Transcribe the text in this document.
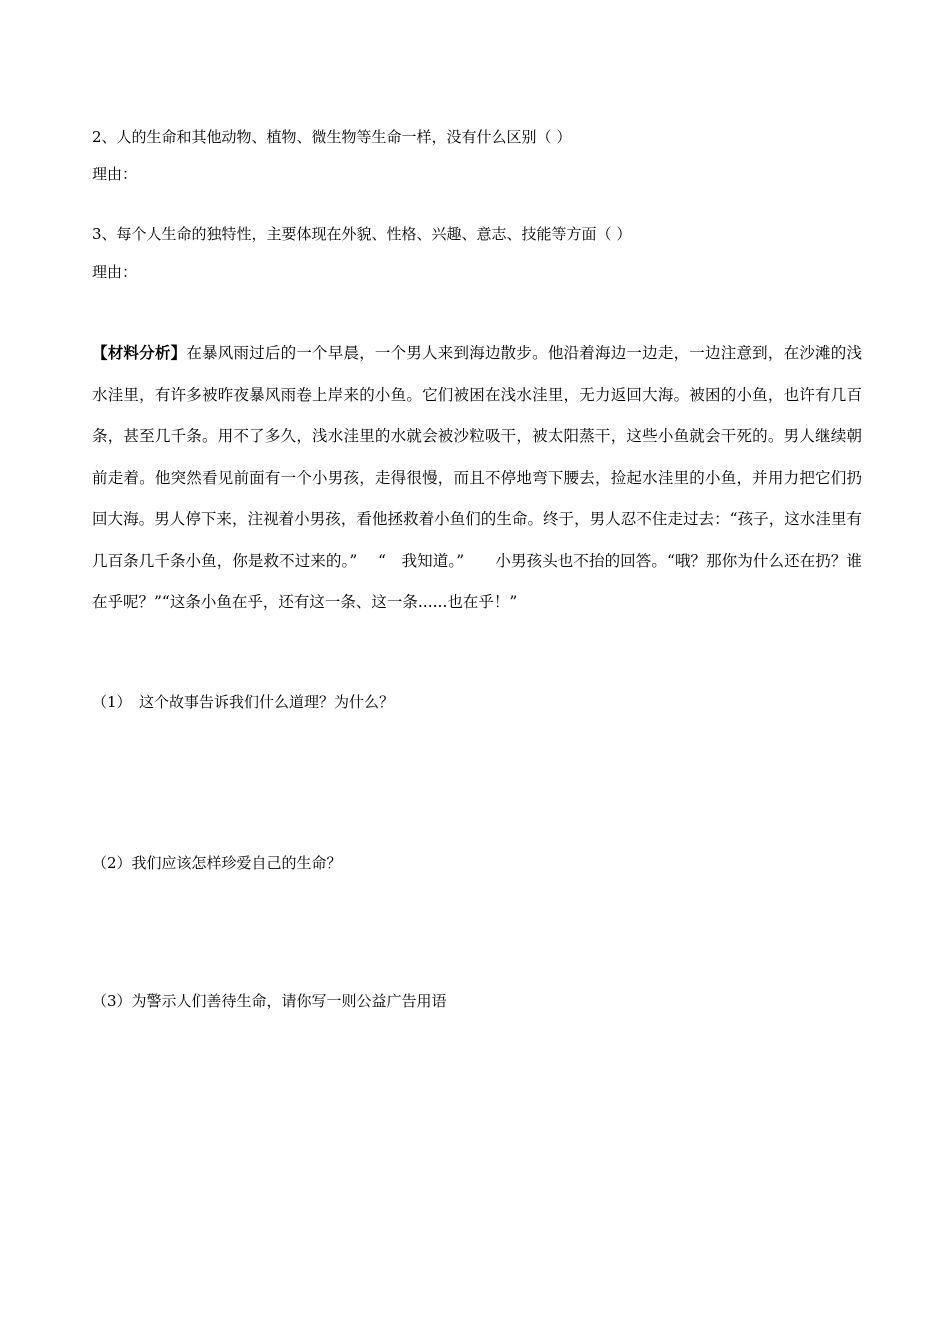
2、人的生命和其他动物、植物、微生物等生命一样，没有什么区别（ ）
理由：
3、每个人生命的独特性，主要体现在外貌、性格、兴趣、意志、技能等方面（ ）
理由：
【材料分析】在暴风雨过后的一个早晨，一个男人来到海边散步。他沿着海边一边走，一边注意到，在沙滩的浅水洼里，有许多被昨夜暴风雨卷上岸来的小鱼。它们被困在浅水洼里，无力返回大海。被困的小鱼，也许有几百条，甚至几千条。用不了多久，浅水洼里的水就会被沙粒吸干，被太阳蒸干，这些小鱼就会干死的。男人继续朝前走着。他突然看见前面有一个小男孩，走得很慢，而且不停地弯下腰去，捡起水洼里的小鱼，并用力把它们扔回大海。男人停下来，注视着小男孩，看他拯救着小鱼们的生命。终于，男人忍不住走过去：“孩子，这水洼里有几百条几千条小鱼，你是救不过来的。”　 “　我知道。”　　小男孩头也不抬的回答。“哦？那你为什么还在扔？谁在乎呢？”“这条小鱼在乎，还有这一条、这一条......也在乎！”
（1）　这个故事告诉我们什么道理？为什么？
（2）我们应该怎样珍爱自己的生命？
（3）为警示人们善待生命，请你写一则公益广告用语
